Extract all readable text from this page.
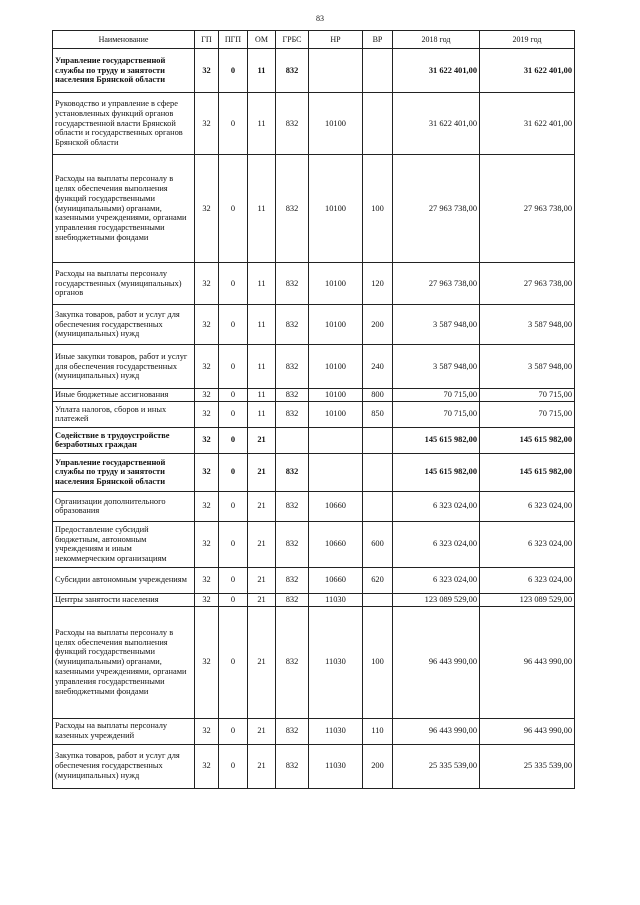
83
Наименование	ГП	ПГП	ОМ	ГРБС	НР	ВР	2018 год	2019 год
Управление государственной службы по труду и занятости населения Брянской области	32	0	11	832			31 622 401,00	31 622 401,00
Руководство и управление в сфере установленных функций органов государственной власти Брянской области и государственных органов Брянской области	32	0	11	832	10100		31 622 401,00	31 622 401,00
Расходы на выплаты персоналу в целях обеспечения выполнения функций государственными (муниципальными) органами, казенными учреждениями, органами управления государственными внебюджетными фондами	32	0	11	832	10100	100	27 963 738,00	27 963 738,00
Расходы на выплаты персоналу государственных (муниципальных) органов	32	0	11	832	10100	120	27 963 738,00	27 963 738,00
Закупка товаров, работ и услуг для обеспечения государственных (муниципальных) нужд	32	0	11	832	10100	200	3 587 948,00	3 587 948,00
Иные закупки товаров, работ и услуг для обеспечения государственных (муниципальных) нужд	32	0	11	832	10100	240	3 587 948,00	3 587 948,00
Иные бюджетные ассигнования	32	0	11	832	10100	800	70 715,00	70 715,00
Уплата налогов, сборов и иных платежей	32	0	11	832	10100	850	70 715,00	70 715,00
Содействие в трудоустройстве безработных граждан	32	0	21				145 615 982,00	145 615 982,00
Управление государственной службы по труду и занятости населения Брянской области	32	0	21	832			145 615 982,00	145 615 982,00
Организации дополнительного образования	32	0	21	832	10660		6 323 024,00	6 323 024,00
Предоставление субсидий бюджетным, автономным учреждениям и иным некоммерческим организациям	32	0	21	832	10660	600	6 323 024,00	6 323 024,00
Субсидии автономным учреждениям	32	0	21	832	10660	620	6 323 024,00	6 323 024,00
Центры занятости населения	32	0	21	832	11030		123 089 529,00	123 089 529,00
Расходы на выплаты персоналу в целях обеспечения выполнения функций государственными (муниципальными) органами, казенными учреждениями, органами управления государственными внебюджетными фондами	32	0	21	832	11030	100	96 443 990,00	96 443 990,00
Расходы на выплаты персоналу казенных учреждений	32	0	21	832	11030	110	96 443 990,00	96 443 990,00
Закупка товаров, работ и услуг для обеспечения государственных (муниципальных) нужд	32	0	21	832	11030	200	25 335 539,00	25 335 539,00
